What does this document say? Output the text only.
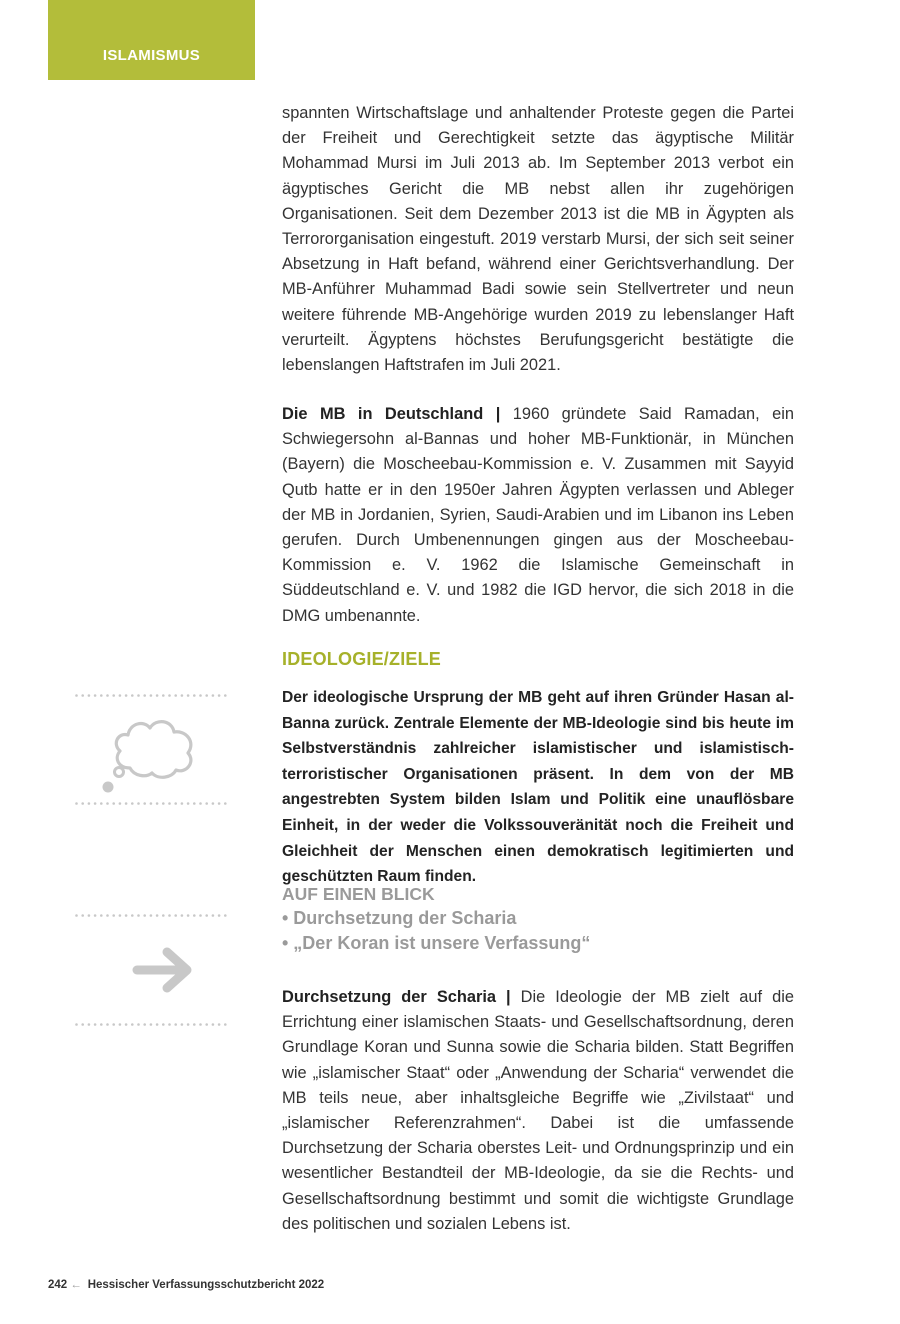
ISLAMISMUS

spannten Wirtschaftslage und anhaltender Proteste gegen die Partei der Freiheit und Gerechtigkeit setzte das ägyptische Militär Mohammad Mursi im Juli 2013 ab. Im September 2013 verbot ein ägyptisches Gericht die MB nebst allen ihr zugehörigen Organisationen. Seit dem Dezember 2013 ist die MB in Ägypten als Terrororganisation eingestuft. 2019 verstarb Mursi, der sich seit seiner Absetzung in Haft befand, während einer Gerichtsverhandlung. Der MB-Anführer Muhammad Badi sowie sein Stellvertreter und neun weitere führende MB-Angehörige wurden 2019 zu lebenslanger Haft verurteilt. Ägyptens höchstes Berufungsgericht bestätigte die lebenslangen Haftstrafen im Juli 2021.

Die MB in Deutschland | 1960 gründete Said Ramadan, ein Schwiegersohn al-Bannas und hoher MB-Funktionär, in München (Bayern) die Moscheebau-Kommission e. V. Zusammen mit Sayyid Qutb hatte er in den 1950er Jahren Ägypten verlassen und Ableger der MB in Jordanien, Syrien, Saudi-Arabien und im Libanon ins Leben gerufen. Durch Umbenennungen gingen aus der Moscheebau-Kommission e. V. 1962 die Islamische Gemeinschaft in Süddeutschland e. V. und 1982 die IGD hervor, die sich 2018 in die DMG umbenannte.

IDEOLOGIE/ZIELE

Der ideologische Ursprung der MB geht auf ihren Gründer Hasan al-Banna zurück. Zentrale Elemente der MB-Ideologie sind bis heute im Selbstverständnis zahlreicher islamistischer und islamistisch-terroristischer Organisationen präsent. In dem von der MB angestrebten System bilden Islam und Politik eine unauflösbare Einheit, in der weder die Volkssouveränität noch die Freiheit und Gleichheit der Menschen einen demokratisch legitimierten und geschützten Raum finden.

AUF EINEN BLICK
• Durchsetzung der Scharia
• „Der Koran ist unsere Verfassung“

Durchsetzung der Scharia | Die Ideologie der MB zielt auf die Errichtung einer islamischen Staats- und Gesellschaftsordnung, deren Grundlage Koran und Sunna sowie die Scharia bilden. Statt Begriffen wie „islamischer Staat“ oder „Anwendung der Scharia“ verwendet die MB teils neue, aber inhaltsgleiche Begriffe wie „Zivilstaat“ und „islamischer Referenzrahmen“. Dabei ist die umfassende Durchsetzung der Scharia oberstes Leit- und Ordnungsprinzip und ein wesentlicher Bestandteil der MB-Ideologie, da sie die Rechts- und Gesellschaftsordnung bestimmt und somit die wichtigste Grundlage des politischen und sozialen Lebens ist.

242 ← Hessischer Verfassungsschutzbericht 2022
